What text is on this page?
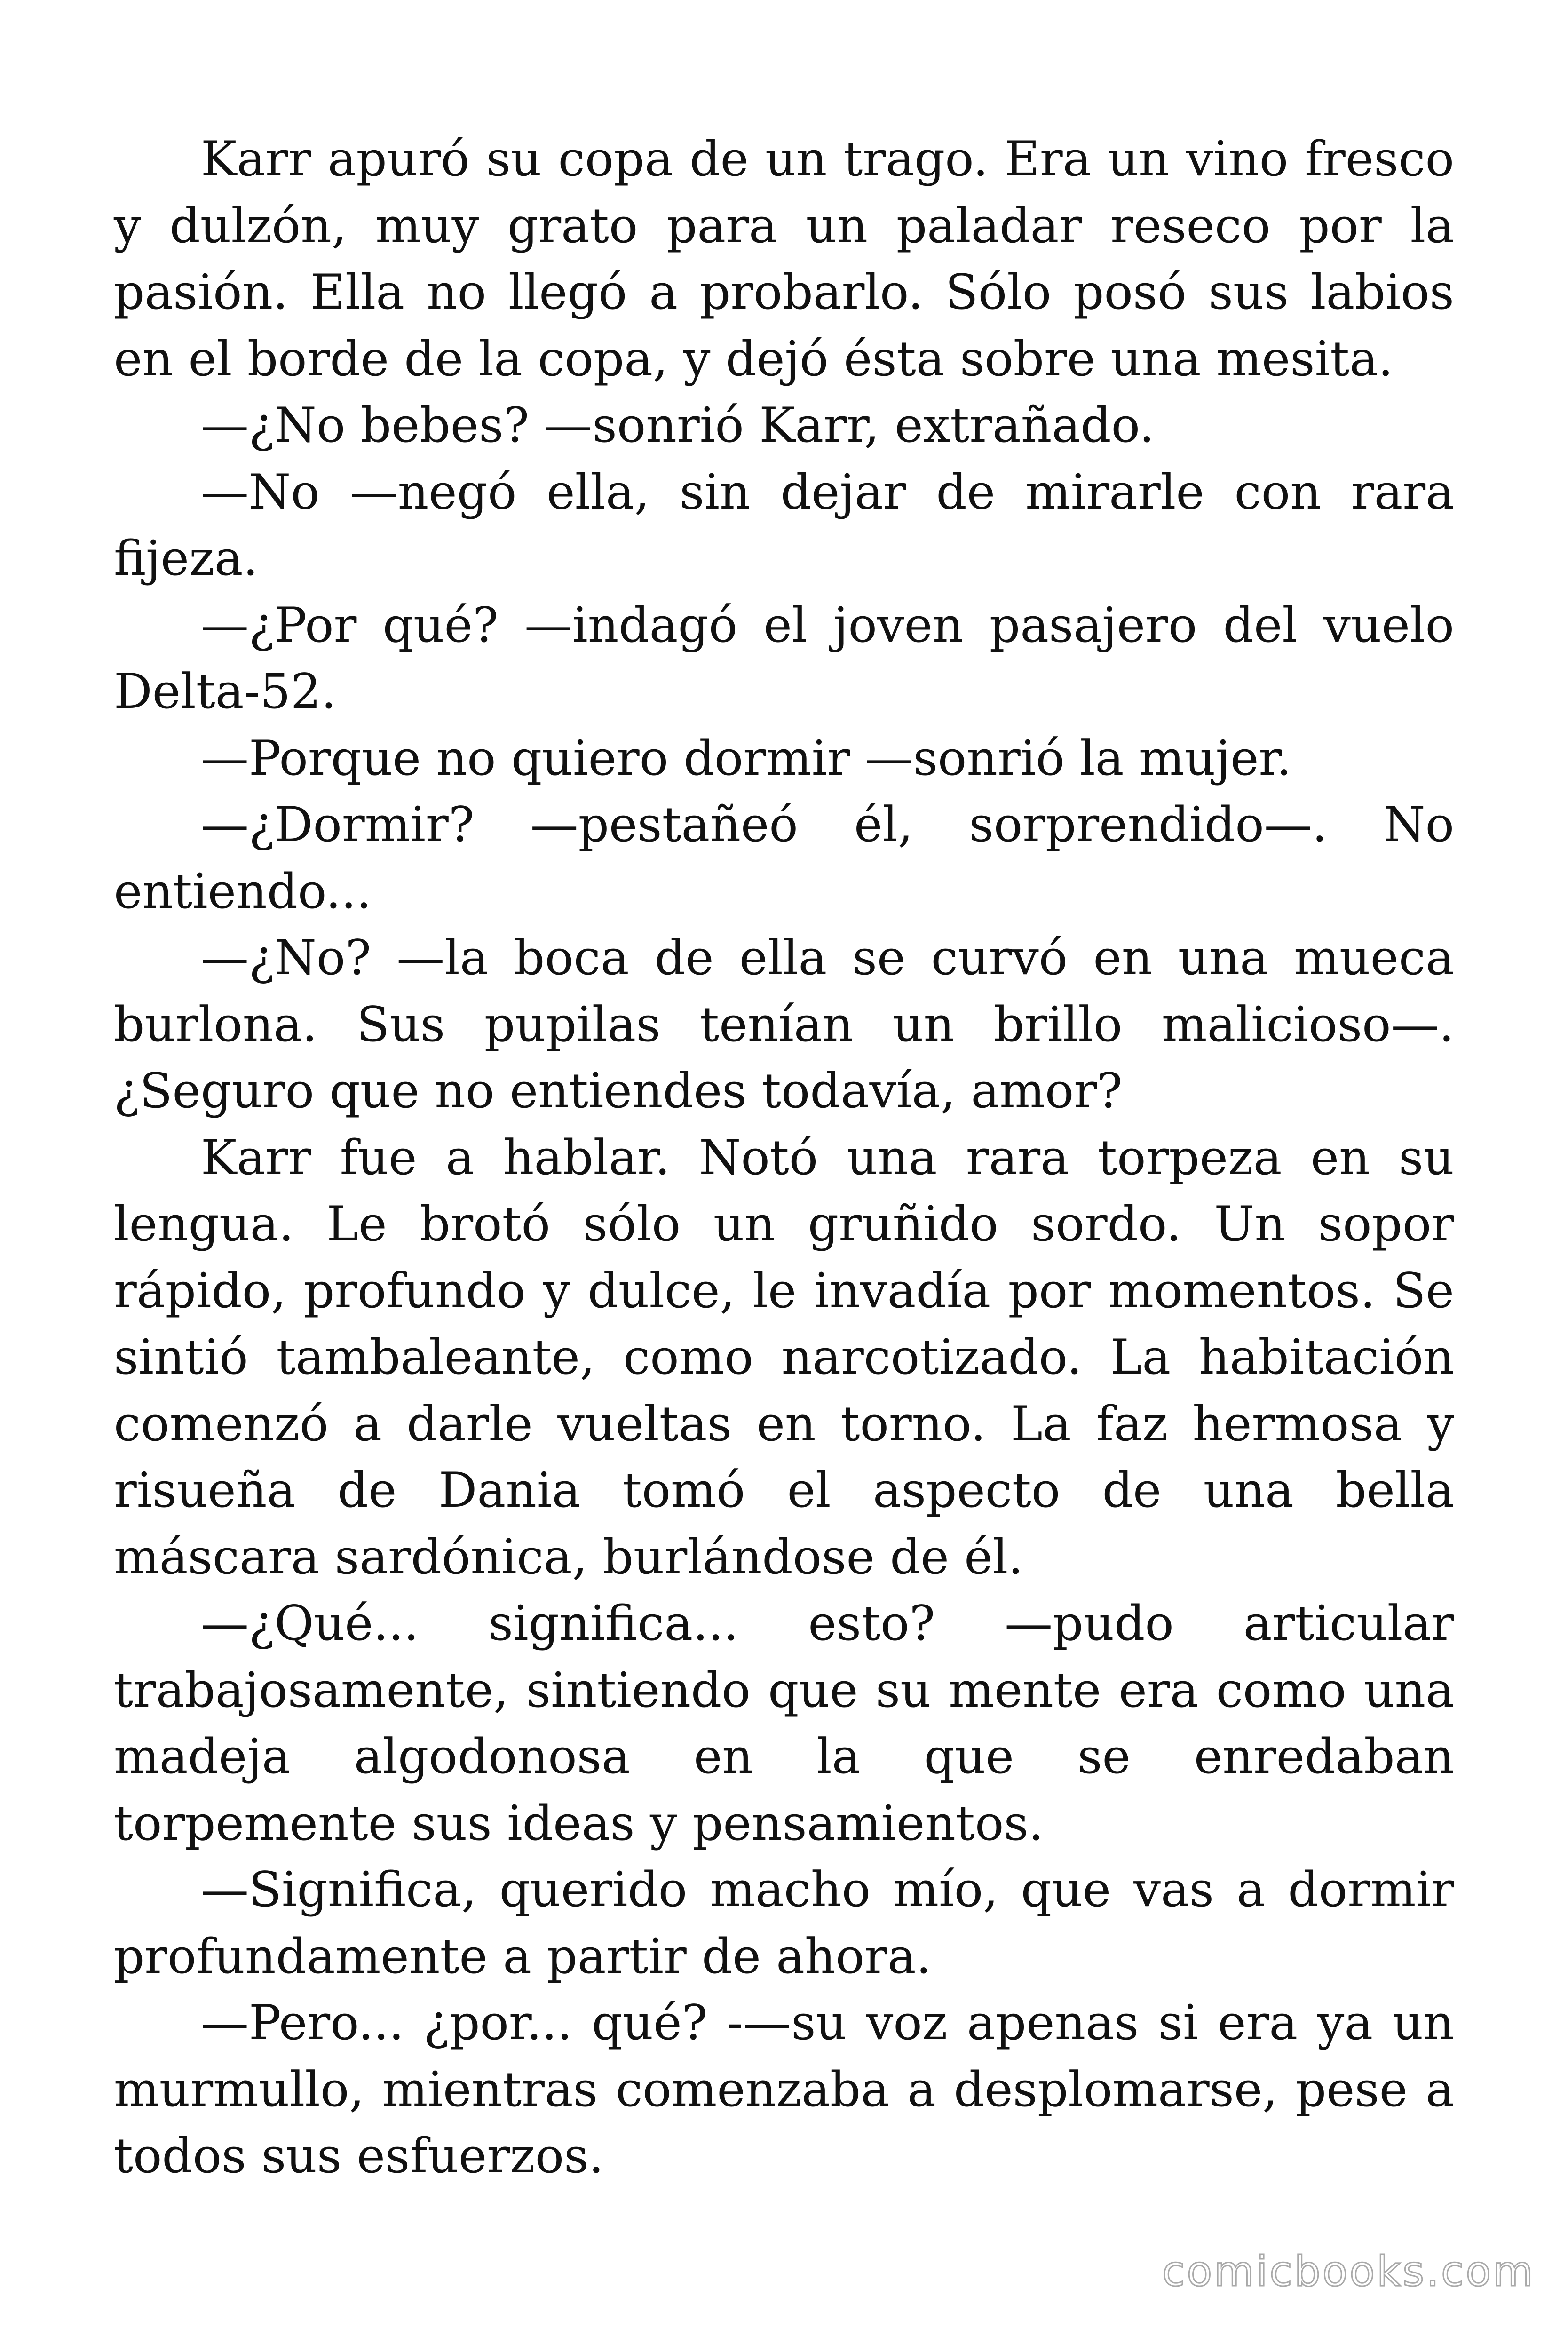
Karr apuró su copa de un trago. Era un vino fresco y dulzón, muy grato para un paladar reseco por la pasión. Ella no llegó a probarlo. Sólo posó sus labios en el borde de la copa, y dejó ésta sobre una mesita.

—¿No bebes? —sonrió Karr, extrañado.

—No —negó ella, sin dejar de mirarle con rara fijeza.

—¿Por qué? —indagó el joven pasajero del vuelo Delta-52.

—Porque no quiero dormir —sonrió la mujer.

—¿Dormir? —pestañeó él, sorprendido—. No entiendo...

—¿No? —la boca de ella se curvó en una mueca burlona. Sus pupilas tenían un brillo malicioso—. ¿Seguro que no entiendes todavía, amor?

Karr fue a hablar. Notó una rara torpeza en su lengua. Le brotó sólo un gruñido sordo. Un sopor rápido, profundo y dulce, le invadía por momentos. Se sintió tambaleante, como narcotizado. La habitación comenzó a darle vueltas en torno. La faz hermosa y risueña de Dania tomó el aspecto de una bella máscara sardónica, burlándose de él.

—¿Qué... significa... esto? —pudo articular trabajosamente, sintiendo que su mente era como una madeja algodonosa en la que se enredaban torpemente sus ideas y pensamientos.

—Significa, querido macho mío, que vas a dormir profundamente a partir de ahora.

—Pero... ¿por... qué? -—su voz apenas si era ya un murmullo, mientras comenzaba a desplomarse, pese a todos sus esfuerzos.

comicbooks.com
